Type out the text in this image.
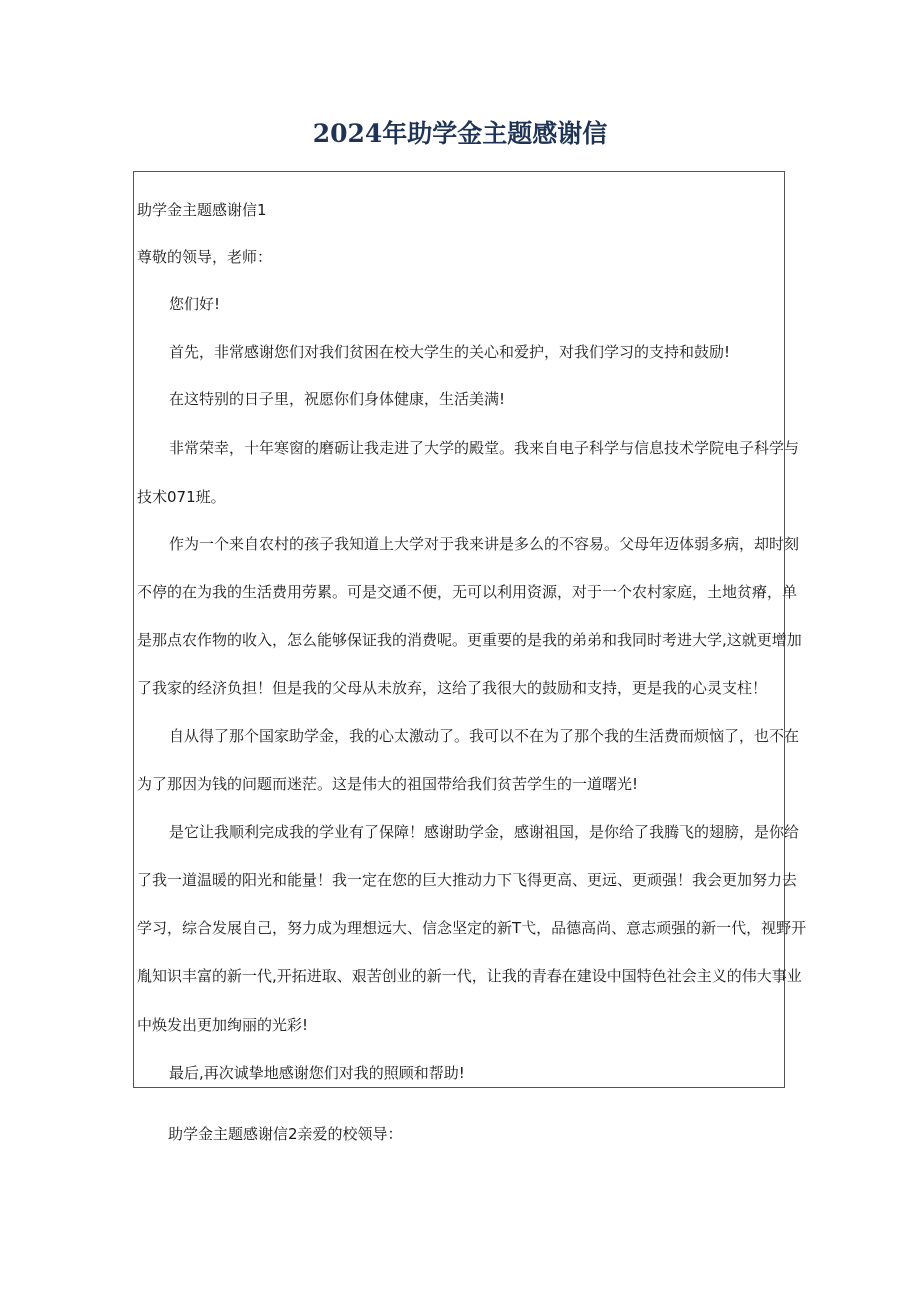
2024年助学金主题感谢信
助学金主题感谢信1
尊敬的领导，老师：
您们好!
首先，非常感谢您们对我们贫困在校大学生的关心和爱护，对我们学习的支持和鼓励!
在这特别的日子里，祝愿你们身体健康，生活美满!
非常荣幸，十年寒窗的磨砺让我走进了大学的殿堂。我来自电子科学与信息技术学院电子科学与
技术071班。
作为一个来自农村的孩子我知道上大学对于我来讲是多么的不容易。父母年迈体弱多病，却时刻
不停的在为我的生活费用劳累。可是交通不便，无可以利用资源，对于一个农村家庭，土地贫瘠，单
是那点农作物的收入，怎么能够保证我的消费呢。更重要的是我的弟弟和我同时考进大学,这就更增加
了我家的经济负担！但是我的父母从未放弃，这给了我很大的鼓励和支持，更是我的心灵支柱！
自从得了那个国家助学金，我的心太激动了。我可以不在为了那个我的生活费而烦恼了，也不在
为了那因为钱的问题而迷茫。这是伟大的祖国带给我们贫苦学生的一道曙光!
是它让我顺利完成我的学业有了保障！感谢助学金，感谢祖国，是你给了我腾飞的翅膀，是你给
了我一道温暖的阳光和能量！我一定在您的巨大推动力下飞得更高、更远、更顽强！我会更加努力去
学习，综合发展自己，努力成为理想远大、信念坚定的新T弋，品德高尚、意志顽强的新一代，视野开
胤知识丰富的新一代,开拓进取、艰苦创业的新一代，让我的青春在建设中国特色社会主义的伟大事业
中焕发出更加绚丽的光彩!
最后,再次诚挚地感谢您们对我的照顾和帮助!
助学金主题感谢信2亲爱的校领导：
